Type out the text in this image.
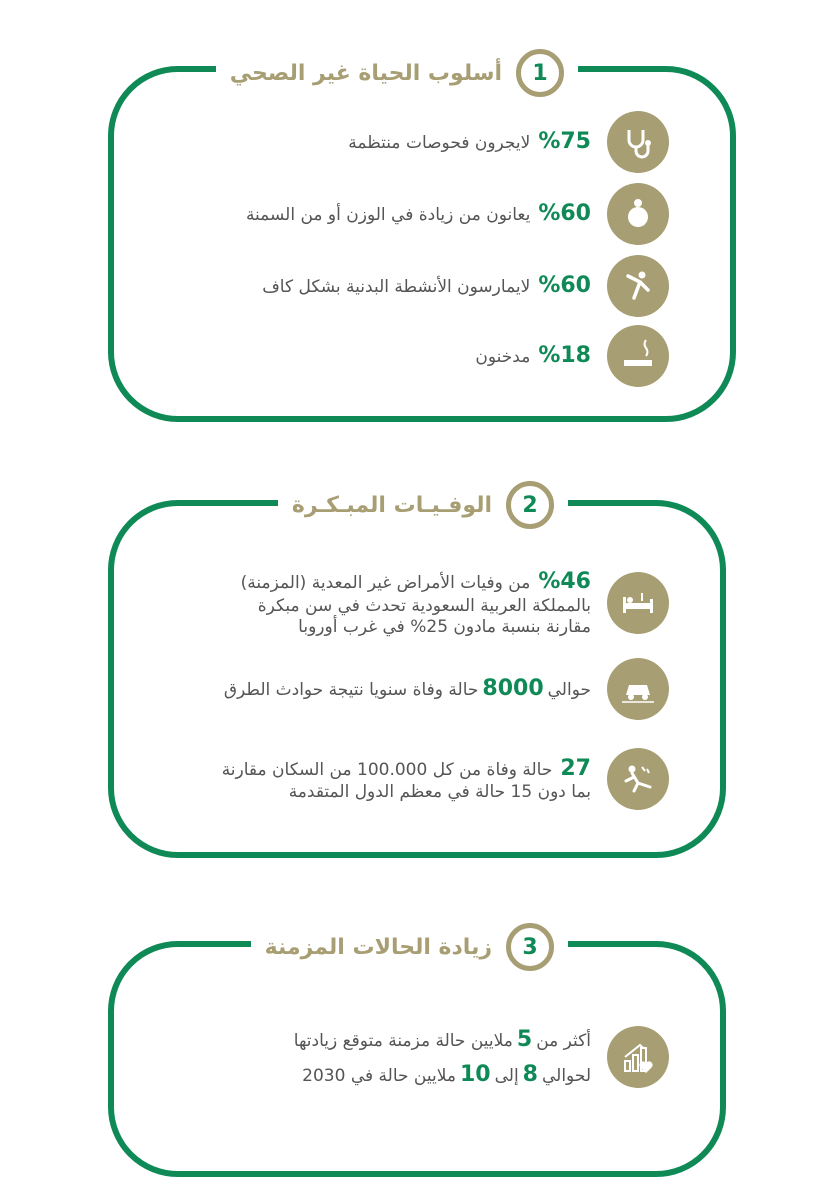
1
أسلوب الحياة غير الصحي
%75لايجرون فحوصات منتظمة
%60يعانون من زيادة في الوزن أو من السمنة
%60لايمارسون الأنشطة البدنية بشكل كاف
%18مدخنون
2
الوفـيـات المبـكـرة
%46من وفيات الأمراض غير المعدية (المزمنة)
بالمملكة العربية السعودية تحدث في سن مبكرة
مقارنة بنسبة مادون 25% في غرب أوروبا
حوالي8000حالة وفاة سنويا نتيجة حوادث الطرق
27حالة وفاة من كل 100.000 من السكان مقارنة
بما دون 15 حالة في معظم الدول المتقدمة
3
زيادة الحالات المزمنة
أكثر من5ملايين حالة مزمنة متوقع زيادتها
لحوالي8إلى10ملايين حالة في 2030
